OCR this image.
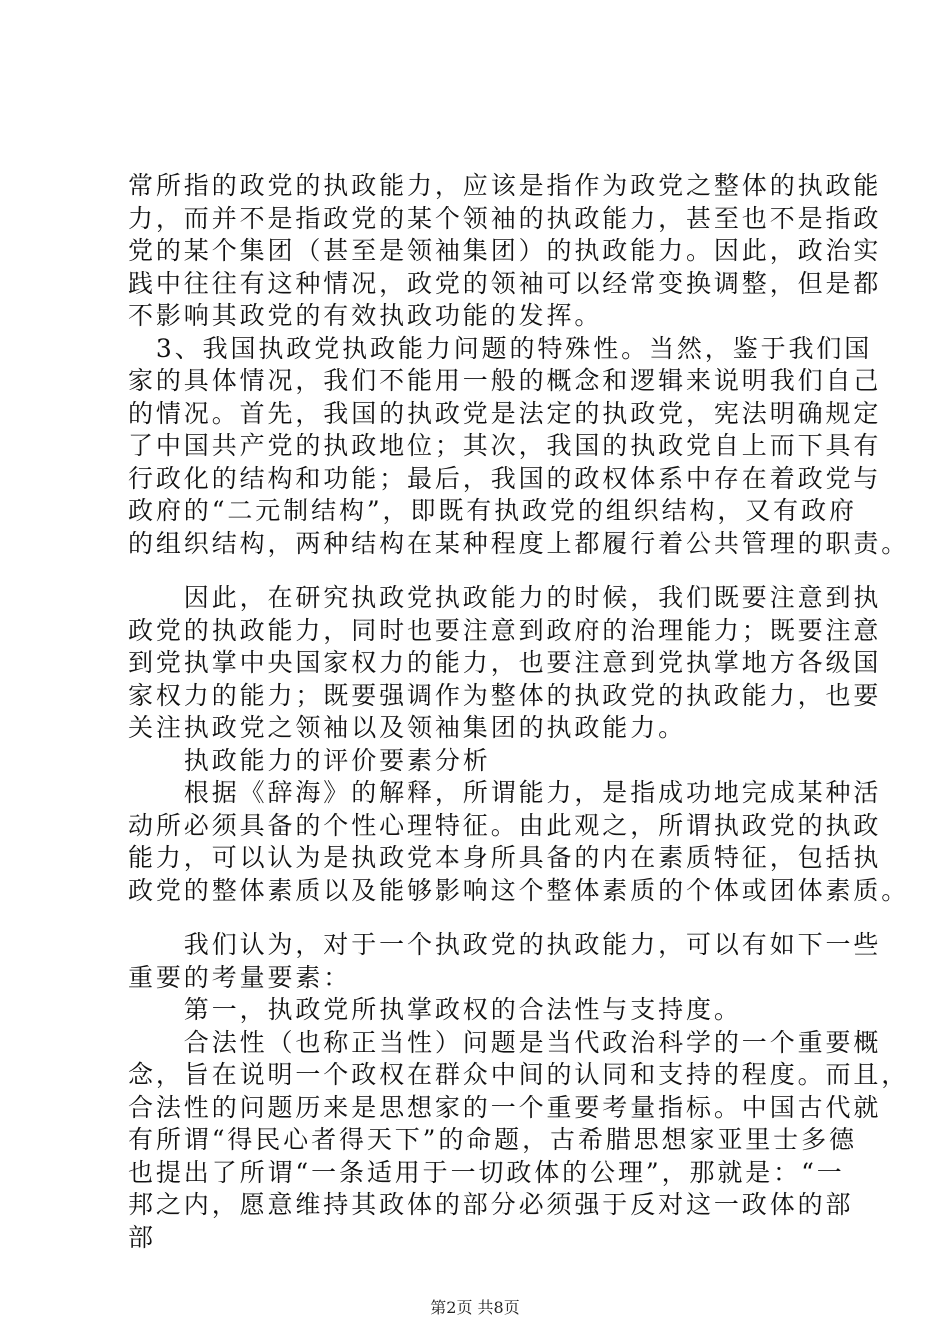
常所指的政党的执政能力，应该是指作为政党之整体的执政能
力，而并不是指政党的某个领袖的执政能力，甚至也不是指政
党的某个集团（甚至是领袖集团）的执政能力。因此，政治实
践中往往有这种情况，政党的领袖可以经常变换调整，但是都
不影响其政党的有效执政功能的发挥。
　3、我国执政党执政能力问题的特殊性。当然，鉴于我们国
家的具体情况，我们不能用一般的概念和逻辑来说明我们自己
的情况。首先，我国的执政党是法定的执政党，宪法明确规定
了中国共产党的执政地位；其次，我国的执政党自上而下具有
行政化的结构和功能；最后，我国的政权体系中存在着政党与
政府的“二元制结构”，即既有执政党的组织结构，又有政府
的组织结构，两种结构在某种程度上都履行着公共管理的职责。
　　因此，在研究执政党执政能力的时候，我们既要注意到执
政党的执政能力，同时也要注意到政府的治理能力；既要注意
到党执掌中央国家权力的能力，也要注意到党执掌地方各级国
家权力的能力；既要强调作为整体的执政党的执政能力，也要
关注执政党之领袖以及领袖集团的执政能力。
　　执政能力的评价要素分析
　　根据《辞海》的解释，所谓能力，是指成功地完成某种活
动所必须具备的个性心理特征。由此观之，所谓执政党的执政
能力，可以认为是执政党本身所具备的内在素质特征，包括执
政党的整体素质以及能够影响这个整体素质的个体或团体素质。
　　我们认为，对于一个执政党的执政能力，可以有如下一些
重要的考量要素：
　　第一，执政党所执掌政权的合法性与支持度。
　　合法性（也称正当性）问题是当代政治科学的一个重要概
念，旨在说明一个政权在群众中间的认同和支持的程度。而且，
合法性的问题历来是思想家的一个重要考量指标。中国古代就
有所谓“得民心者得天下”的命题，古希腊思想家亚里士多德
也提出了所谓“一条适用于一切政体的公理”，那就是：“一
邦之内，愿意维持其政体的部分必须强于反对这一政体的部
部
第2页 共8页
